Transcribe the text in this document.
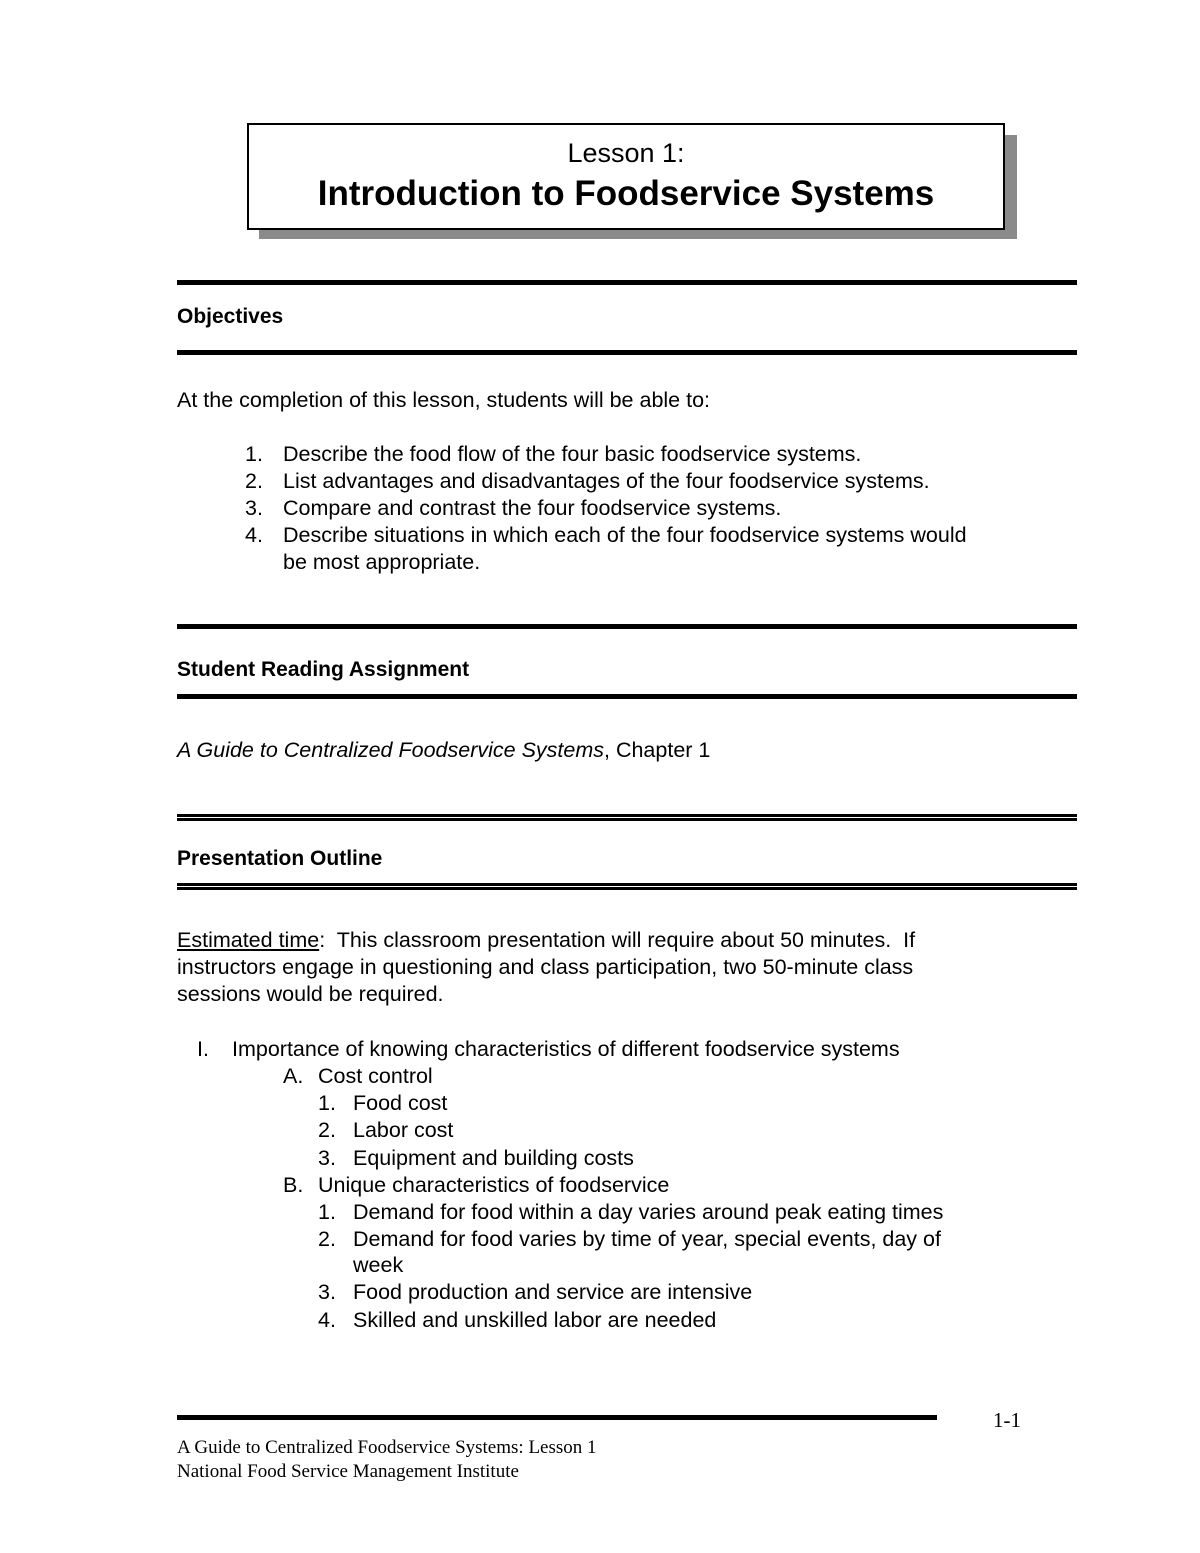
Lesson 1:
Introduction to Foodservice Systems
Objectives
At the completion of this lesson, students will be able to:
1. Describe the food flow of the four basic foodservice systems.
2. List advantages and disadvantages of the four foodservice systems.
3. Compare and contrast the four foodservice systems.
4. Describe situations in which each of the four foodservice systems would
be most appropriate.
Student Reading Assignment
A Guide to Centralized Foodservice Systems, Chapter 1
Presentation Outline
Estimated time:  This classroom presentation will require about 50 minutes.  If
instructors engage in questioning and class participation, two 50-minute class
sessions would be required.
I. Importance of knowing characteristics of different foodservice systems
A. Cost control
1. Food cost
2. Labor cost
3. Equipment and building costs
B. Unique characteristics of foodservice
1. Demand for food within a day varies around peak eating times
2. Demand for food varies by time of year, special events, day of
week
3. Food production and service are intensive
4. Skilled and unskilled labor are needed
1-1
A Guide to Centralized Foodservice Systems: Lesson 1
National Food Service Management Institute
